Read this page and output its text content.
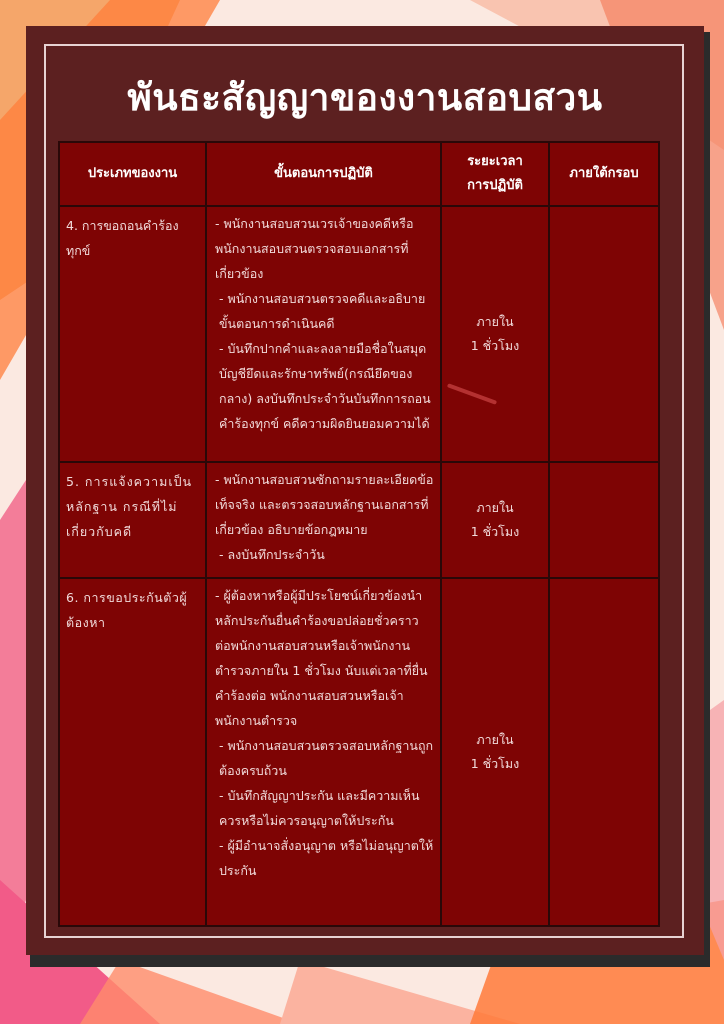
พันธะสัญญาของงานสอบสวน
ประเภทของงาน	ขั้นตอนการปฏิบัติ
ระยะเวลา
การปฏิบัติ
ภายใต้กรอบ
4. การขอถอนคำร้องทุกข์

- พนักงานสอบสวนเวรเจ้าของคดีหรือพนักงานสอบสวนตรวจสอบเอกสารที่เกี่ยวข้อง

- พนักงานสอบสวนตรวจคดีและอธิบายขั้นตอนการดำเนินคดี

- บันทึกปากคำและลงลายมือชื่อในสมุดบัญชียึดและรักษาทรัพย์(กรณียึดของกลาง) ลงบันทึกประจำวันบันทึกการถอนคำร้องทุกข์ คดีความผิดยินยอมความได้

ภายใน
1 ชั่วโมง
5. การแจ้งความเป็นหลักฐาน กรณีที่ไม่เกี่ยวกับคดี

- พนักงานสอบสวนซักถามรายละเอียดข้อเท็จจริง และตรวจสอบหลักฐานเอกสารที่ เกี่ยวข้อง อธิบายข้อกฎหมาย

- ลงบันทึกประจำวัน

ภายใน
1 ชั่วโมง
6. การขอประกันตัวผู้ต้องหา

- ผู้ต้องหาหรือผู้มีประโยชน์เกี่ยวข้องนำหลักประกันยื่นคำร้องขอปล่อยชั่วคราวต่อพนักงานสอบสวนหรือเจ้าพนักงานตำรวจภายใน 1 ชั่วโมง นับแต่เวลาที่ยื่นคำร้องต่อ พนักงานสอบสวนหรือเจ้าพนักงานตำรวจ

- พนักงานสอบสวนตรวจสอบหลักฐานถูกต้องครบถ้วน

- บันทึกสัญญาประกัน และมีความเห็นควรหรือไม่ควรอนุญาตให้ประกัน

- ผู้มีอำนาจสั่งอนุญาต หรือไม่อนุญาตให้ประกัน

ภายใน
1 ชั่วโมง
